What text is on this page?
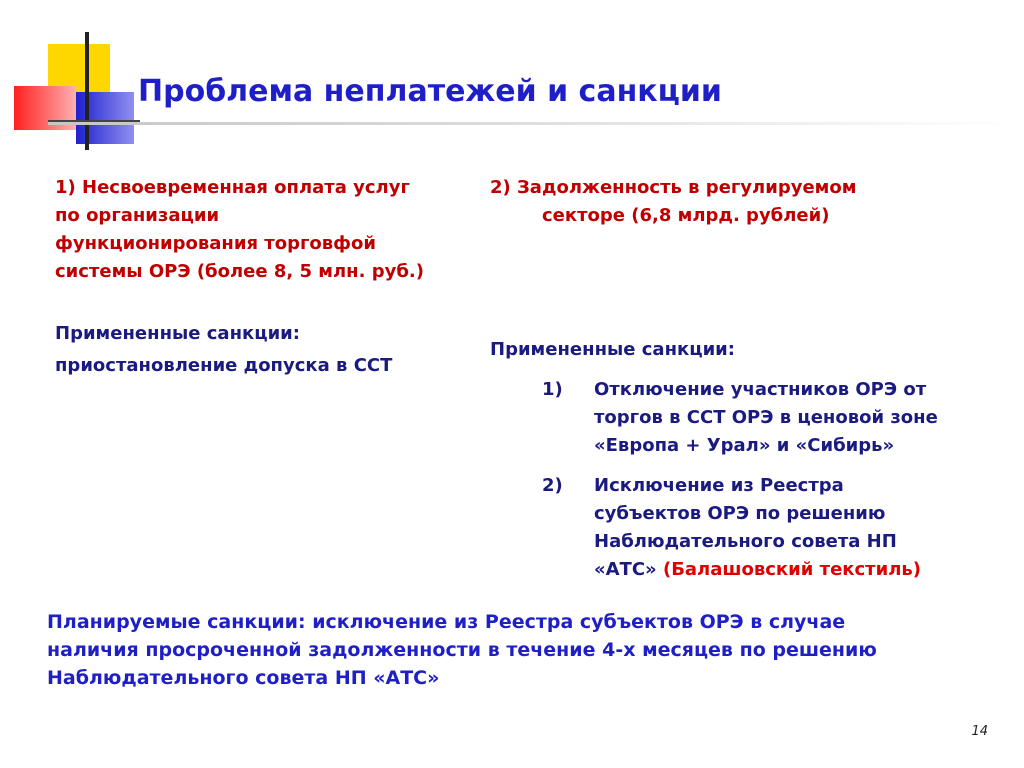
Проблема неплатежей и санкции

1) Несвоевременная оплата услуг

по организации

функционирования торговфой

системы ОРЭ (более 8, 5 млн. руб.)

Примененные санкции:

приостановление допуска в ССТ

2) Задолженность в регулируемом

секторе (6,8 млрд. рублей)

Примененные санкции:

1)	Отключение участников ОРЭ от
торгов в ССТ ОРЭ в ценовой зоне
«Европа + Урал» и «Сибирь»
2)	Исключение из Реестра
субъектов ОРЭ по решению
Наблюдательного совета НП
«АТС» (Балашовский текстиль)
Планируемые санкции: исключение из Реестра субъектов ОРЭ в случае
наличия просроченной задолженности в течение 4-х месяцев по решению
Наблюдательного совета НП «АТС»
14
